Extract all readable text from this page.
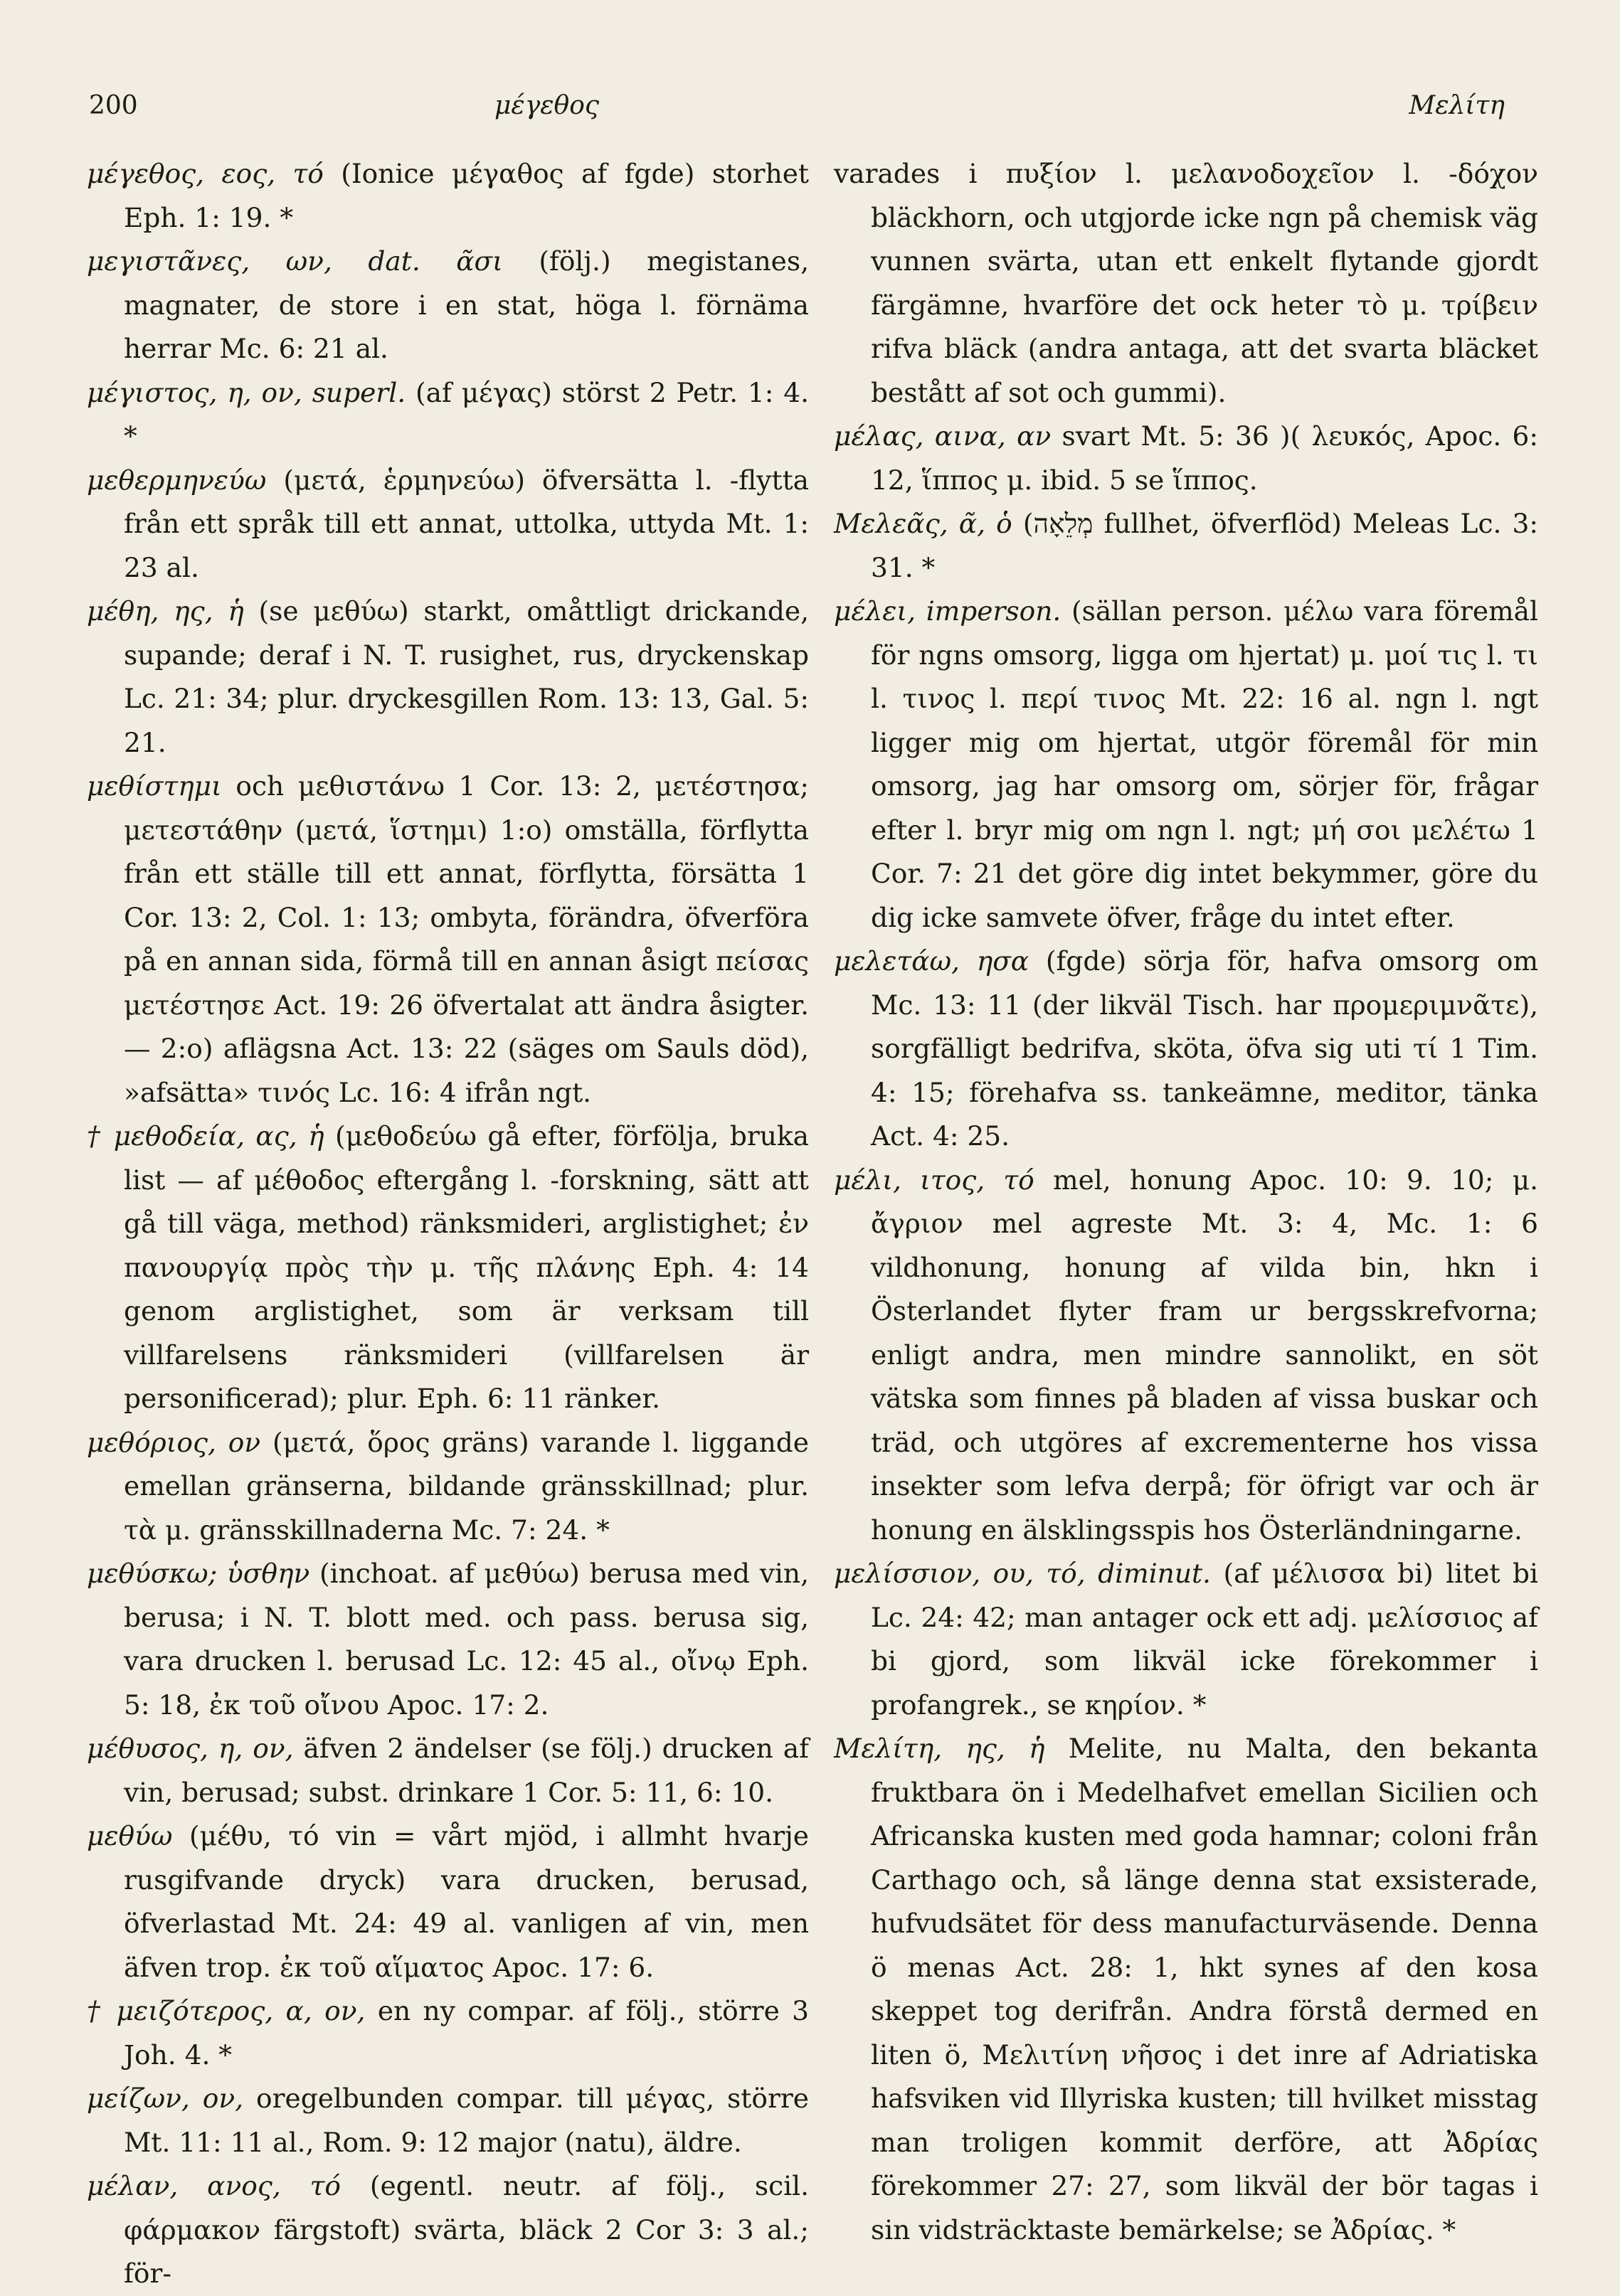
200	μέγεθος	Μελίτη

μέγεθος, εος, τό (Ionice μέγαθος af fgde) storhet Eph. 1: 19. *

μεγιστᾶνες, ων, dat. ᾶσι (följ.) megistanes, magnater, de store i en stat, höga l. förnäma herrar Mc. 6: 21 al.

μέγιστος, η, ον, superl. (af μέγας) störst 2 Petr. 1: 4. *

μεθερμηνεύω (μετά, ἑρμηνεύω) öfversätta l. -flytta från ett språk till ett annat, uttolka, uttyda Mt. 1: 23 al.

μέθη, ης, ἡ (se μεθύω) starkt, omåttligt drickande, supande; deraf i N. T. rusighet, rus, dryckenskap Lc. 21: 34; plur. dryckesgillen Rom. 13: 13, Gal. 5: 21.

μεθίστημι och μεθιστάνω 1 Cor. 13: 2, μετέστησα; μετεστάθην (μετά, ἵστημι) 1:o) omställa, förflytta från ett ställe till ett annat, förflytta, försätta 1 Cor. 13: 2, Col. 1: 13; ombyta, förändra, öfverföra på en annan sida, förmå till en annan åsigt πείσας μετέστησε Act. 19: 26 öfvertalat att ändra åsigter. — 2:o) aflägsna Act. 13: 22 (säges om Sauls död), »afsätta» τινός Lc. 16: 4 ifrån ngt.

† μεθοδεία, ας, ἡ (μεθοδεύω gå efter, förfölja, bruka list — af μέθοδος eftergång l. -forskning, sätt att gå till väga, method) ränksmideri, arglistighet; ἐν πανουργίᾳ πρὸς τὴν μ. τῆς πλάνης Eph. 4: 14 genom arglistighet, som är verksam till villfarelsens ränksmideri (villfarelsen är personificerad); plur. Eph. 6: 11 ränker.

μεθόριος, ον (μετά, ὅρος gräns) varande l. liggande emellan gränserna, bildande gränsskillnad; plur. τὰ μ. gränsskillnaderna Mc. 7: 24. *

μεθύσκω; ὑσθην (inchoat. af μεθύω) berusa med vin, berusa; i N. T. blott med. och pass. berusa sig, vara drucken l. berusad Lc. 12: 45 al., οἴνῳ Eph. 5: 18, ἐκ τοῦ οἴνου Apoc. 17: 2.

μέθυσος, η, ον, äfven 2 ändelser (se följ.) drucken af vin, berusad; subst. drinkare 1 Cor. 5: 11, 6: 10.

μεθύω (μέθυ, τό vin = vårt mjöd, i allmht hvarje rusgifvande dryck) vara drucken, berusad, öfverlastad Mt. 24: 49 al. vanligen af vin, men äfven trop. ἐκ τοῦ αἵματος Apoc. 17: 6.

† μειζότερος, α, ον, en ny compar. af följ., större 3 Joh. 4. *

μείζων, ον, oregelbunden compar. till μέγας, större Mt. 11: 11 al., Rom. 9: 12 major (natu), äldre.

μέλαν, ανος, τό (egentl. neutr. af följ., scil. φάρμακον färgstoft) svärta, bläck 2 Cor 3: 3 al.; för-

varades i πυξίον l. μελανοδοχεῖον l. -δόχον bläckhorn, och utgjorde icke ngn på chemisk väg vunnen svärta, utan ett enkelt flytande gjordt färgämne, hvarföre det ock heter τὸ μ. τρίβειν rifva bläck (andra antaga, att det svarta bläcket bestått af sot och gummi).

μέλας, αινα, αν svart Mt. 5: 36 )( λευκός, Apoc. 6: 12, ἵππος μ. ibid. 5 se ἵππος.

Μελεᾶς, ᾶ, ὁ (מְלֵאָה fullhet, öfverflöd) Meleas Lc. 3: 31. *

μέλει, imperson. (sällan person. μέλω vara föremål för ngns omsorg, ligga om hjertat) μ. μοί τις l. τι l. τινος l. περί τινος Mt. 22: 16 al. ngn l. ngt ligger mig om hjertat, utgör föremål för min omsorg, jag har omsorg om, sörjer för, frågar efter l. bryr mig om ngn l. ngt; μή σοι μελέτω 1 Cor. 7: 21 det göre dig intet bekymmer, göre du dig icke samvete öfver, fråge du intet efter.

μελετάω, ησα (fgde) sörja för, hafva omsorg om Mc. 13: 11 (der likväl Tisch. har προμεριμνᾶτε), sorgfälligt bedrifva, sköta, öfva sig uti τί 1 Tim. 4: 15; förehafva ss. tankeämne, meditor, tänka Act. 4: 25.

μέλι, ιτος, τό mel, honung Apoc. 10: 9. 10; μ. ἄγριον mel agreste Mt. 3: 4, Mc. 1: 6 vildhonung, honung af vilda bin, hkn i Österlandet flyter fram ur bergsskrefvorna; enligt andra, men mindre sannolikt, en söt vätska som finnes på bladen af vissa buskar och träd, och utgöres af excrementerne hos vissa insekter som lefva derpå; för öfrigt var och är honung en älsklingsspis hos Österländningarne.

μελίσσιον, ου, τό, diminut. (af μέλισσα bi) litet bi Lc. 24: 42; man antager ock ett adj. μελίσσιος af bi gjord, som likväl icke förekommer i profangrek., se κηρίον. *

Μελίτη, ης, ἡ Melite, nu Malta, den bekanta fruktbara ön i Medelhafvet emellan Sicilien och Africanska kusten med goda hamnar; coloni från Carthago och, så länge denna stat exsisterade, hufvudsätet för dess manufacturväsende. Denna ö menas Act. 28: 1, hkt synes af den kosa skeppet tog derifrån. Andra förstå dermed en liten ö, Μελιτίνη νῆσος i det inre af Adriatiska hafsviken vid Illyriska kusten; till hvilket misstag man troligen kommit derföre, att Ἀδρίας förekommer 27: 27, som likväl der bör tagas i sin vidsträcktaste bemärkelse; se Ἀδρίας. *
